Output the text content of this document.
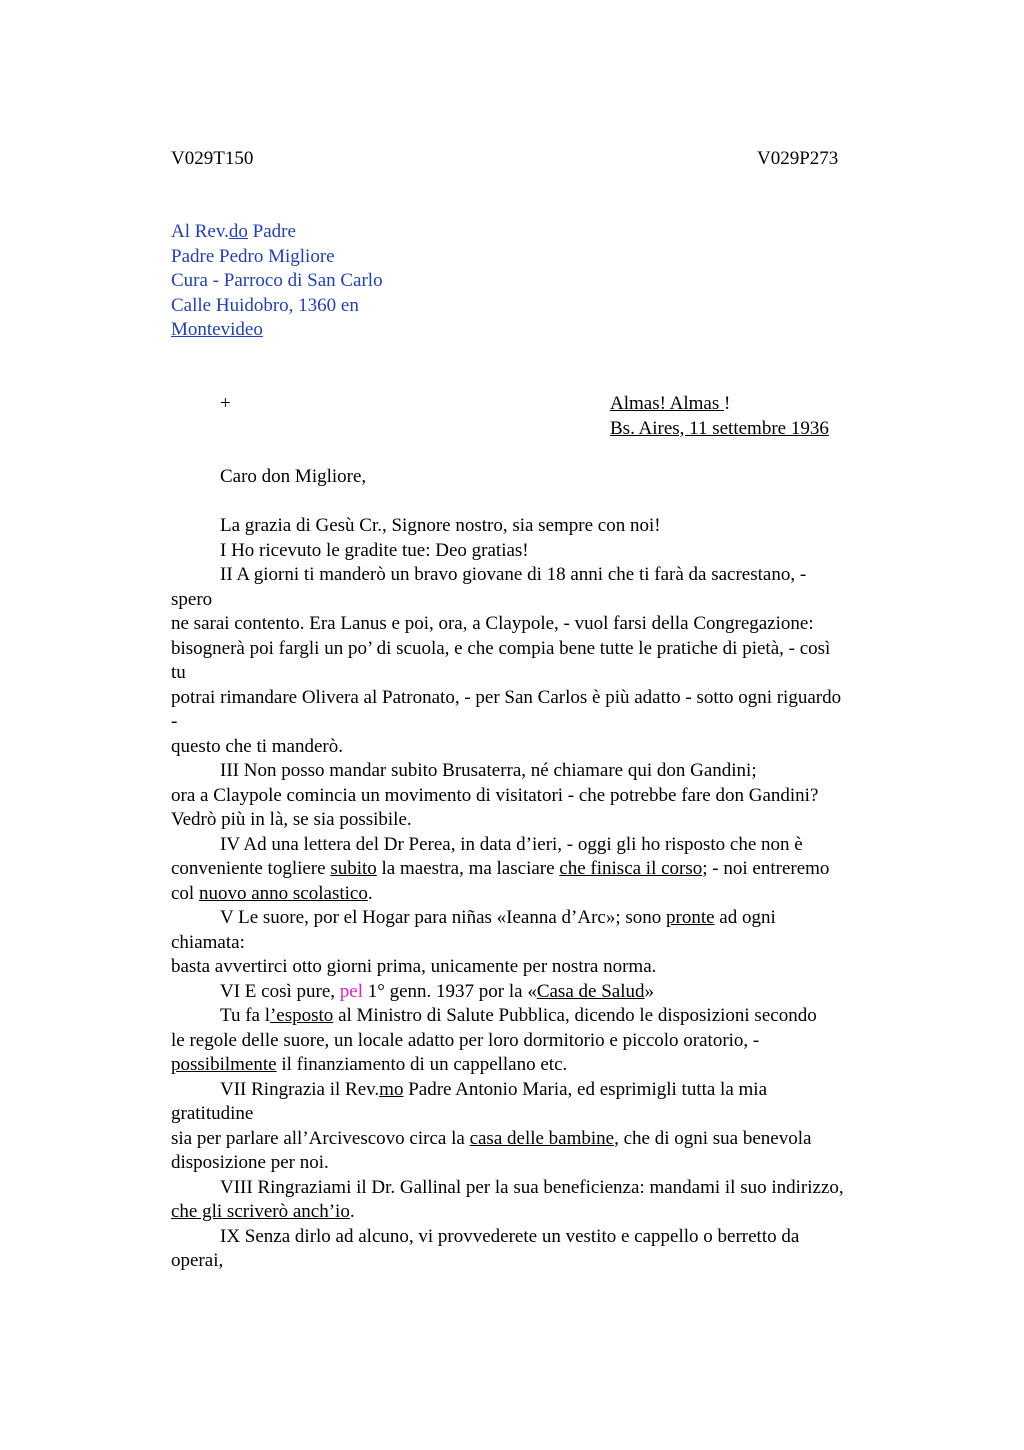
V029T150	V029P273
Al Rev.do Padre
Padre Pedro Migliore
Cura - Parroco di San Carlo
Calle Huidobro, 1360 en
Montevideo
+	Almas! Almas !
Bs. Aires, 11 settembre 1936
Caro don Migliore,
La grazia di Gesù Cr., Signore nostro, sia sempre con noi!
I Ho ricevuto le gradite tue: Deo gratias!
II A giorni ti manderò un bravo giovane di 18 anni che ti farà da sacrestano, -
spero
ne sarai contento. Era Lanus e poi, ora, a Claypole, - vuol farsi della Congregazione:
bisognerà poi fargli un po’ di scuola, e che compia bene tutte le pratiche di pietà, - così
tu
potrai rimandare Olivera al Patronato, - per San Carlos è più adatto - sotto ogni riguardo
-
questo che ti manderò.
III Non posso mandar subito Brusaterra, né chiamare qui don Gandini;
ora a Claypole comincia un movimento di visitatori - che potrebbe fare don Gandini?
Vedrò più in là, se sia possibile.
IV Ad una lettera del Dr Perea, in data d’ieri, - oggi gli ho risposto che non è
conveniente togliere subito la maestra, ma lasciare che finisca il corso; - noi entreremo
col nuovo anno scolastico.
V Le suore, por el Hogar para niñas «Ieanna d’Arc»; sono pronte ad ogni
chiamata:
basta avvertirci otto giorni prima, unicamente per nostra norma.
VI E così pure, pel 1° genn. 1937 por la «Casa de Salud»
Tu fa l’esposto al Ministro di Salute Pubblica, dicendo le disposizioni secondo
le regole delle suore, un locale adatto per loro dormitorio e piccolo oratorio, -
possibilmente il finanziamento di un cappellano etc.
VII Ringrazia il Rev.mo Padre Antonio Maria, ed esprimigli tutta la mia
gratitudine
sia per parlare all’Arcivescovo circa la casa delle bambine, che di ogni sua benevola
disposizione per noi.
VIII Ringraziami il Dr. Gallinal per la sua beneficienza: mandami il suo indirizzo,
che gli scriverò anch’io.
IX Senza dirlo ad alcuno, vi provvederete un vestito e cappello o berretto da
operai,
